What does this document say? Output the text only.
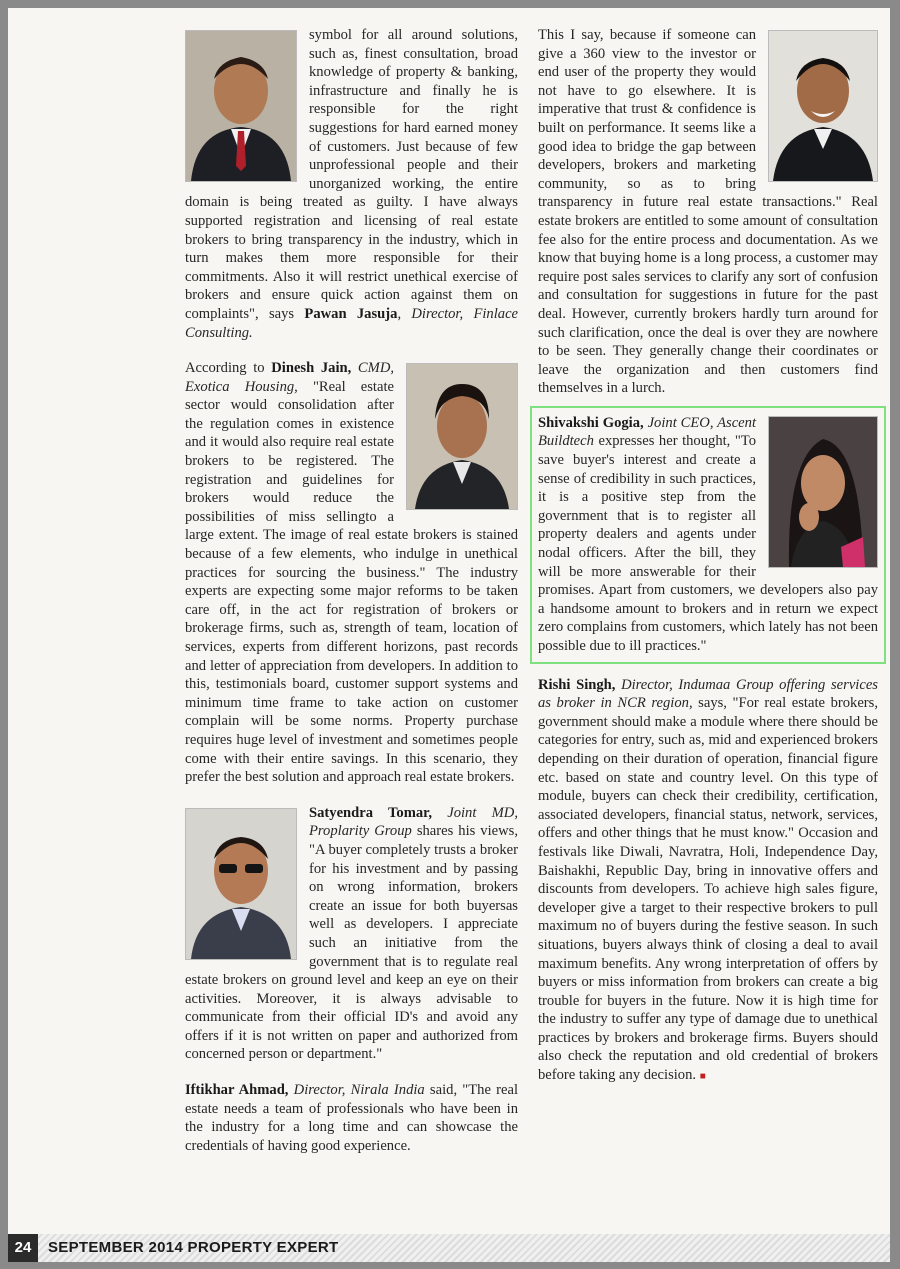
symbol for all around solutions, such as, finest consultation, broad knowledge of property & banking, infrastructure and finally he is responsible for the right suggestions for hard earned money of customers. Just because of few unprofessional people and their unorganized working, the entire domain is being treated as guilty. I have always supported registration and licensing of real estate brokers to bring transparency in the industry, which in turn makes them more responsible for their commitments. Also it will restrict unethical exercise of brokers and ensure quick action against them on complaints", says Pawan Jasuja, Director, Finlace Consulting.

According to Dinesh Jain, CMD, Exotica Housing, "Real estate sector would consolidation after the regulation comes in existence and it would also require real estate brokers to be registered. The registration and guidelines for brokers would reduce the possibilities of miss sellingto a large extent. The image of real estate brokers is stained because of a few elements, who indulge in unethical practices for sourcing the business." The industry experts are expecting some major reforms to be taken care off, in the act for registration of brokers or brokerage firms, such as, strength of team, location of services, experts from different horizons, past records and letter of appreciation from developers. In addition to this, testimonials board, customer support systems and minimum time frame to take action on customer complain will be some norms. Property purchase requires huge level of investment and sometimes people come with their entire savings. In this scenario, they prefer the best solution and approach real estate brokers.

Satyendra Tomar, Joint MD, Proplarity Group shares his views, "A buyer completely trusts a broker for his investment and by passing on wrong information, brokers create an issue for both buyersas well as developers. I appreciate such an initiative from the government that is to regulate real estate brokers on ground level and keep an eye on their activities. Moreover, it is always advisable to communicate from their official ID's and avoid any offers if it is not written on paper and authorized from concerned person or department."

Iftikhar Ahmad, Director, Nirala India said, "The real estate needs a team of professionals who have been in the industry for a long time and can showcase the credentials of having good experience.

This I say, because if someone can give a 360 view to the investor or end user of the property they would not have to go elsewhere. It is imperative that trust & confidence is built on performance. It seems like a good idea to bridge the gap between developers, brokers and marketing community, so as to bring transparency in future real estate transactions." Real estate brokers are entitled to some amount of consultation fee also for the entire process and documentation. As we know that buying home is a long process, a customer may require post sales services to clarify any sort of confusion and consultation for suggestions in future for the past deal. However, currently brokers hardly turn around for such clarification, once the deal is over they are nowhere to be seen. They generally change their coordinates or leave the organization and then customers find themselves in a lurch.

Shivakshi Gogia, Joint CEO, Ascent Buildtech expresses her thought, "To save buyer's interest and create a sense of credibility in such practices, it is a positive step from the government that is to register all property dealers and agents under nodal officers. After the bill, they will be more answerable for their promises. Apart from customers, we developers also pay a handsome amount to brokers and in return we expect zero complains from customers, which lately has not been possible due to ill practices."

Rishi Singh, Director, Indumaa Group offering services as broker in NCR region, says, "For real estate brokers, government should make a module where there should be categories for entry, such as, mid and experienced brokers depending on their duration of operation, financial figure etc. based on state and country level. On this type of module, buyers can check their credibility, certification, associated developers, financial status, network, services, offers and other things that he must know." Occasion and festivals like Diwali, Navratra, Holi, Independence Day, Baishakhi, Republic Day, bring in innovative offers and discounts from developers. To achieve high sales figure, developer give a target to their respective brokers to pull maximum no of buyers during the festive season. In such situations, buyers always think of closing a deal to avail maximum benefits. Any wrong interpretation of offers by buyers or miss information from brokers can create a big trouble for buyers in the future. Now it is high time for the industry to suffer any type of damage due to unethical practices by brokers and brokerage firms. Buyers should also check the reputation and old credential of brokers before taking any decision. ■

24	SEPTEMBER 2014 PROPERTY EXPERT
